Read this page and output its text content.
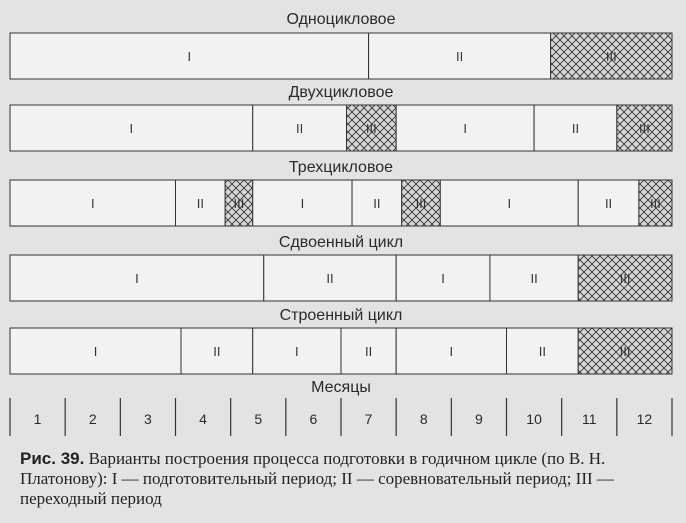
Одноцикловое
I	II	III
Двухцикловое
I	II	III	I	II	III
Трехцикловое
I	II III	I	II	III	I	II	III
Сдвоенный цикл
I	II	I	II	III
Строенный цикл
I	II	I	II	I	II	III
Месяцы
1	2	3	4	5	6	7	8	9	10	11	12
Рис. 39. Варианты построения процесса подготовки в годичном цикле (по В. Н. Платонову): I — подготовительный период; II — соревновательный период; III — переходный период
